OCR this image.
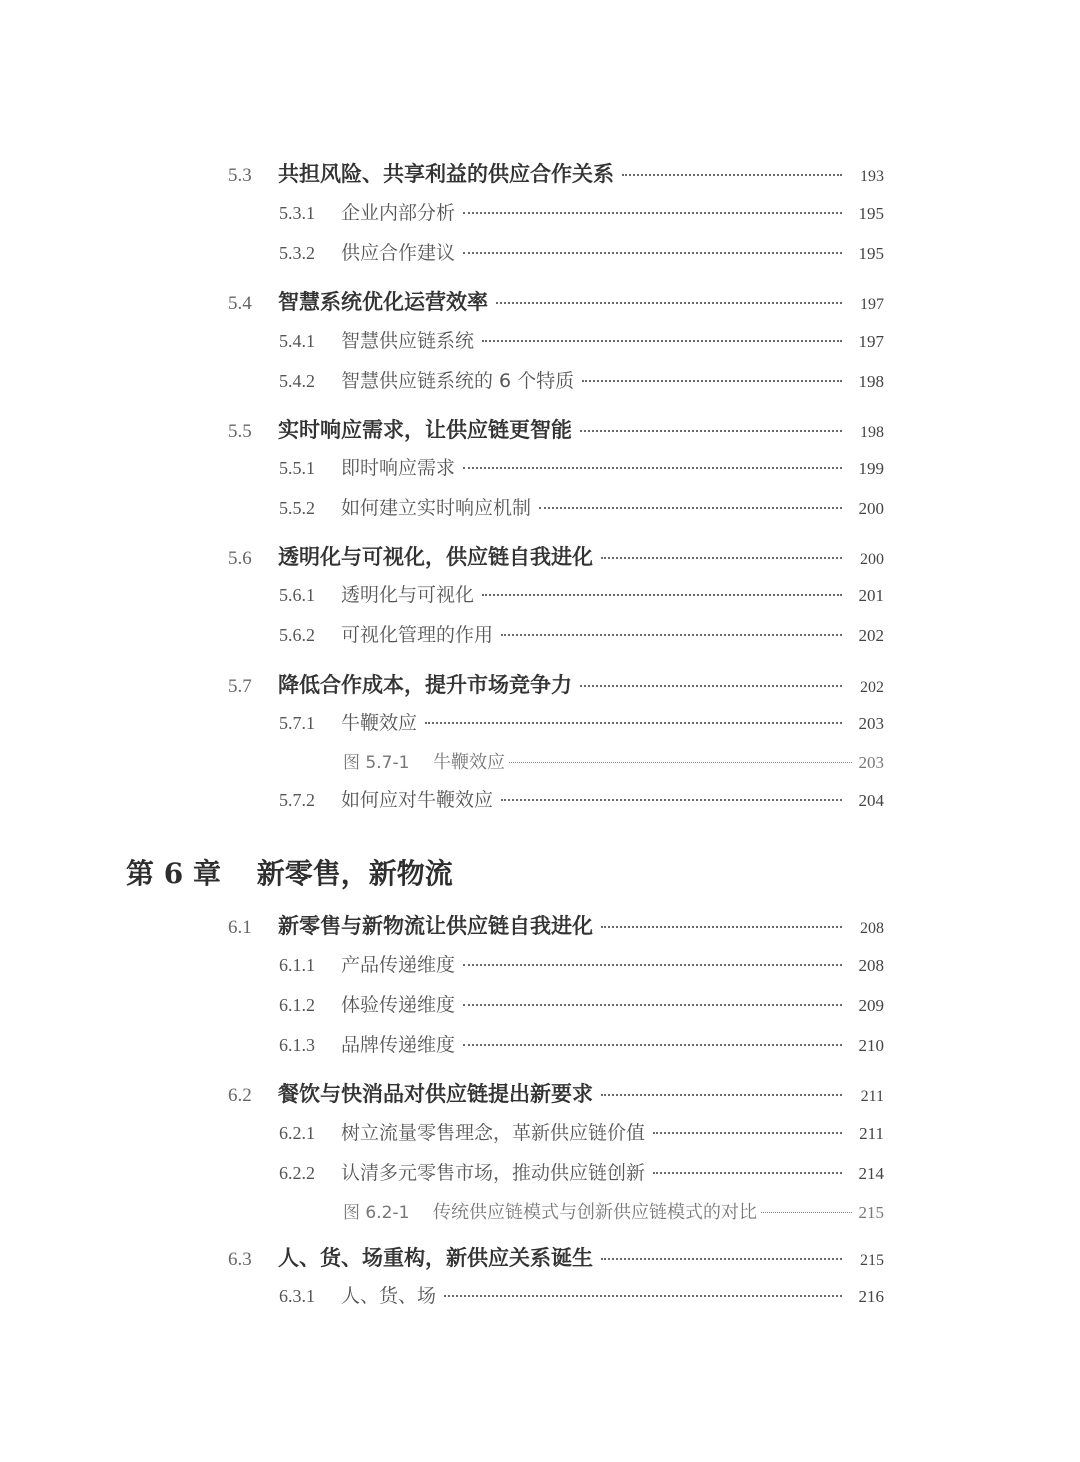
5.3	共担风险、共享利益的供应合作关系	193
5.3.1	企业内部分析	195
5.3.2	供应合作建议	195
5.4	智慧系统优化运营效率	197
5.4.1	智慧供应链系统	197
5.4.2	智慧供应链系统的 6 个特质	198
5.5	实时响应需求，让供应链更智能	198
5.5.1	即时响应需求	199
5.5.2	如何建立实时响应机制	200
5.6	透明化与可视化，供应链自我进化	200
5.6.1	透明化与可视化	201
5.6.2	可视化管理的作用	202
5.7	降低合作成本，提升市场竞争力	202
5.7.1	牛鞭效应	203
图 5.7-1	牛鞭效应	203
5.7.2	如何应对牛鞭效应	204
第 6 章 新零售，新物流
6.1	新零售与新物流让供应链自我进化	208
6.1.1	产品传递维度	208
6.1.2	体验传递维度	209
6.1.3	品牌传递维度	210
6.2	餐饮与快消品对供应链提出新要求	211
6.2.1	树立流量零售理念，革新供应链价值	211
6.2.2	认清多元零售市场，推动供应链创新	214
图 6.2-1	传统供应链模式与创新供应链模式的对比	215
6.3	人、货、场重构，新供应关系诞生	215
6.3.1	人、货、场	216
